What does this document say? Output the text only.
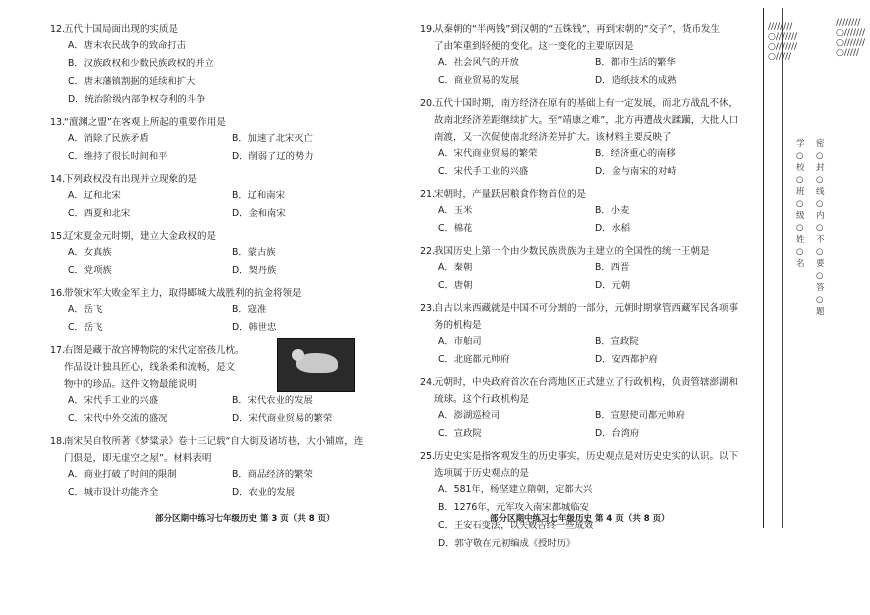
12.
五代十国局面出现的实质是
A．唐末农民战争的致命打击
B．汉族政权和少数民族政权的并立
C．唐末藩镇割据的延续和扩大
D．统治阶级内部争权夺利的斗争
13.
“澶渊之盟”在客观上所起的重要作用是
A．消除了民族矛盾	B．加速了北宋灭亡
C．维持了很长时间和平	D．削弱了辽的势力
14.
下列政权没有出现并立现象的是
A．辽和北宋	B．辽和南宋
C．西夏和北宋	D．金和南宋
15.
辽宋夏金元时期，建立大金政权的是
A．女真族	B．蒙古族
C．党项族	D．契丹族
16.
带领宋军大败金军主力，取得郾城大战胜利的抗金将领是
A．岳飞	B．寇准
C．岳飞	D．韩世忠
17.
右图是藏于故宫博物院的宋代定窑孩儿枕。
作品设计独具匠心，线条柔和流畅，是文
物中的珍品。这件文物最能说明
A．宋代手工业的兴盛	B．宋代农业的发展
C．宋代中外交流的盛况	D．宋代商业贸易的繁荣
18.
南宋吴自牧所著《梦粱录》卷十三记载“自大街及诸坊巷，大小铺席，连
门俱是，即无虚空之屋”。材料表明
A．商业打破了时间的限制	B．商品经济的繁荣
C．城市设计功能齐全	D．农业的发展
19.
从秦朝的“半两钱”到汉朝的“五铢钱”，再到宋朝的“交子”，货币发生
了由笨重到轻便的变化。这一变化的主要原因是
A．社会风气的开放	B．都市生活的繁华
C．商业贸易的发展	D．造纸技术的成熟
20.
五代十国时期，南方经济在原有的基础上有一定发展，而北方战乱不休，
故南北经济差距继续扩大。至“靖康之难”，北方再遭战火蹂躏，大批人口
南渡，又一次促使南北经济差异扩大。该材料主要反映了
A．宋代商业贸易的繁荣	B．经济重心的南移
C．宋代手工业的兴盛	D．金与南宋的对峙
21.
宋朝时，产量跃居粮食作物首位的是
A．玉米	B．小麦
C．棉花	D．水稻
22.
我国历史上第一个由少数民族贵族为主建立的全国性的统一王朝是
A．秦朝	B．西晋
C．唐朝	D．元朝
23.
自古以来西藏就是中国不可分割的一部分，元朝时期掌管西藏军民各项事
务的机构是
A．市舶司	B．宣政院
C．北庭都元帅府	D．安西都护府
24.
元朝时，中央政府首次在台湾地区正式建立了行政机构，负责管辖澎湖和
琉球。这个行政机构是
A．澎湖巡检司	B．宣慰使司都元帅府
C．宣政院	D．台湾府
25.
历史史实是指客观发生的历史事实，历史观点是对历史史实的认识。以下
选项属于历史观点的是
A．581年，杨坚建立隋朝，定都大兴
B．1276年，元军攻入南宋都城临安
C．王安石变法，以失败告终一些成效
D．郭守敬在元初编成《授时历》
部分区期中练习七年级历史 第 3 页（共 8 页）	部分区期中练习七年级历史 第 4 页（共 8 页）
////////○///////○///////○/////
学○校○班○级○姓○名
密○封○线○内○不○要○答○题
////////○///////○///////○/////
